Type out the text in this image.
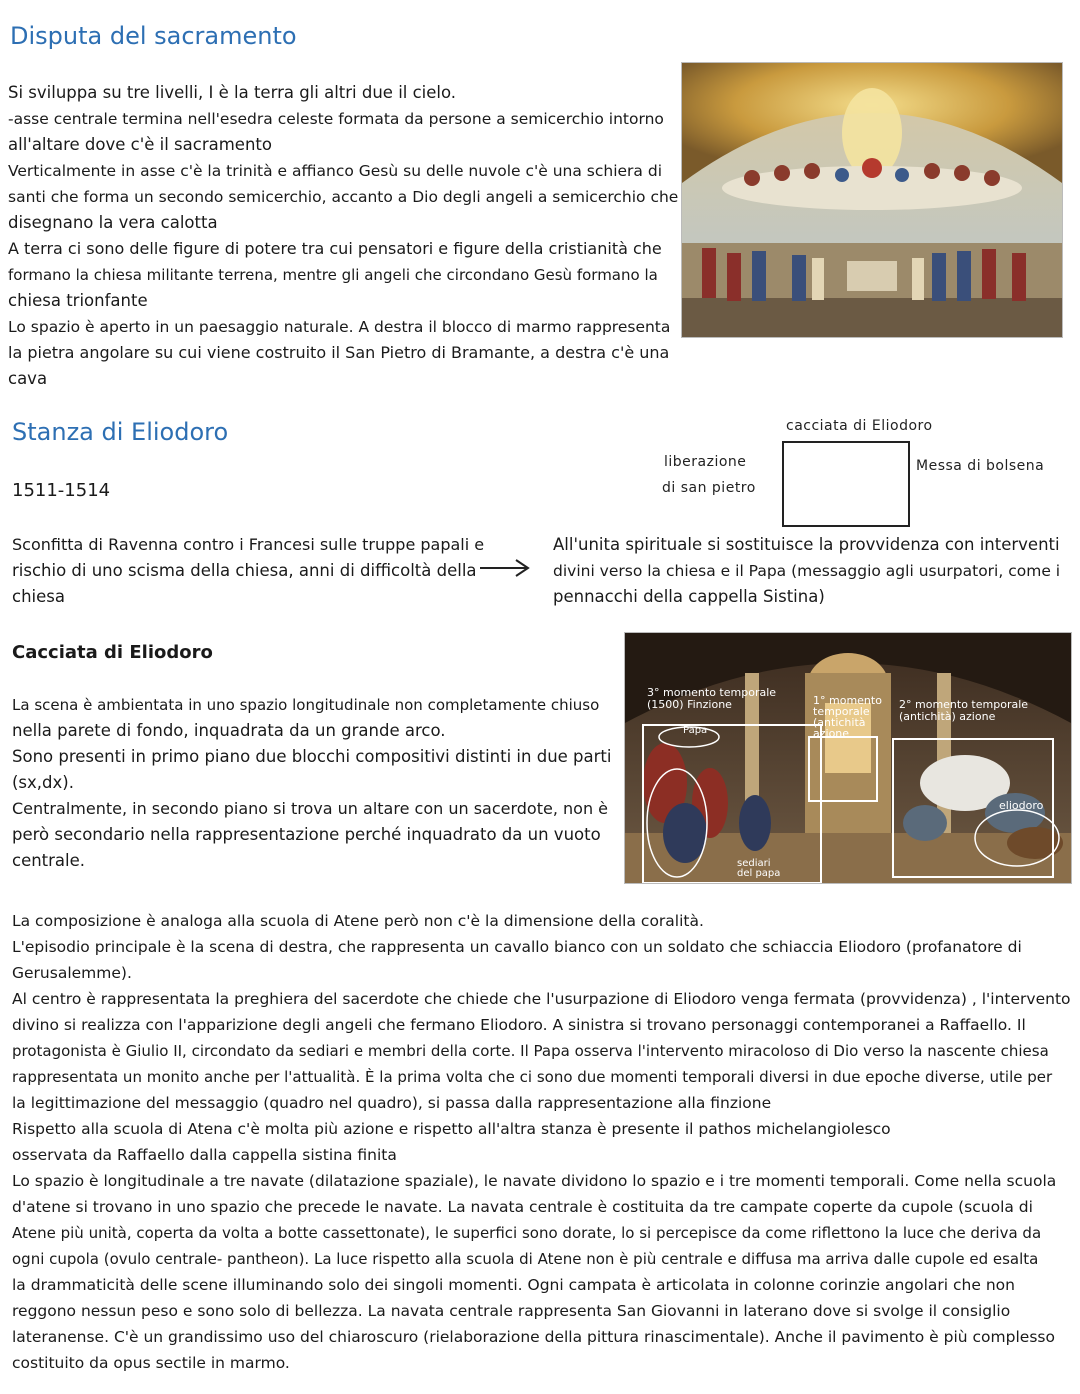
Disputa del sacramento
Si sviluppa su tre livelli, I è la terra gli altri due il cielo.
-asse centrale termina nell'esedra celeste formata da persone a semicerchio intorno
all'altare dove c'è il sacramento
Verticalmente in asse c'è la trinità e affianco Gesù su delle nuvole c'è una schiera di
santi che forma un secondo semicerchio, accanto a Dio degli angeli a semicerchio che
disegnano la vera calotta
A terra ci sono delle figure di potere tra cui pensatori e figure della cristianità che
formano la chiesa militante terrena, mentre gli angeli che circondano Gesù formano la
chiesa trionfante
Lo spazio è aperto in un paesaggio naturale. A destra il blocco di marmo rappresenta
la pietra angolare su cui viene costruito il San Pietro di Bramante, a destra c'è una
cava
Stanza di Eliodoro
1511-1514
cacciata di Eliodoro
liberazione
di san pietro
Messa di bolsena
Sconfitta di Ravenna contro i Francesi sulle truppe papali e
rischio di uno scisma della chiesa, anni di difficoltà della
chiesa
All'unita spirituale si sostituisce la provvidenza con interventi
divini verso la chiesa e il Papa (messaggio agli usurpatori, come i
pennacchi della cappella Sistina)
Cacciata di Eliodoro
La scena è ambientata in uno spazio longitudinale non completamente chiuso
nella parete di fondo, inquadrata da un grande arco.
Sono presenti in primo piano due blocchi compositivi distinti in due parti
(sx,dx).
Centralmente, in secondo piano si trova un altare con un sacerdote, non è
però secondario nella rappresentazione perché inquadrato da un vuoto
centrale.
3° momento temporale
(1500) Finzione
Papa
1° momento
temporale
(antichità
azione
2° momento temporale
(antichità) azione
eliodoro
sediari
del papa
La composizione è analoga alla scuola di Atene però non c'è la dimensione della coralità.
L'episodio principale è la scena di destra, che rappresenta un cavallo bianco con un soldato che schiaccia Eliodoro (profanatore di
Gerusalemme).
Al centro è rappresentata la preghiera del sacerdote che chiede che l'usurpazione di Eliodoro venga fermata (provvidenza) , l'intervento
divino si realizza con l'apparizione degli angeli che fermano Eliodoro. A sinistra si trovano personaggi contemporanei a Raffaello. Il
protagonista è Giulio II, circondato da sediari e membri della corte. Il Papa osserva l'intervento miracoloso di Dio verso la nascente chiesa
rappresentata un monito anche per l'attualità. È la prima volta che ci sono due momenti temporali diversi in due epoche diverse, utile per
la legittimazione del messaggio (quadro nel quadro), si passa dalla rappresentazione alla finzione
Rispetto alla scuola di Atena c'è molta più azione e rispetto all'altra stanza è presente il pathos michelangiolesco
osservata da Raffaello dalla cappella sistina finita
Lo spazio è longitudinale a tre navate (dilatazione spaziale), le navate dividono lo spazio e i tre momenti temporali. Come nella scuola
d'atene si trovano in uno spazio che precede le navate. La navata centrale è costituita da tre campate coperte da cupole (scuola di
Atene più unità, coperta da volta a botte cassettonate), le superfici sono dorate, lo si percepisce da come riflettono la luce che deriva da
ogni cupola (ovulo centrale- pantheon). La luce rispetto alla scuola di Atene non è più centrale e diffusa ma arriva dalle cupole ed esalta
la drammaticità delle scene illuminando solo dei singoli momenti. Ogni campata è articolata in colonne corinzie angolari che non
reggono nessun peso e sono solo di bellezza. La navata centrale rappresenta San Giovanni in laterano dove si svolge il consiglio
lateranense. C'è un grandissimo uso del chiaroscuro (rielaborazione della pittura rinascimentale). Anche il pavimento è più complesso
costituito da opus sectile in marmo.
